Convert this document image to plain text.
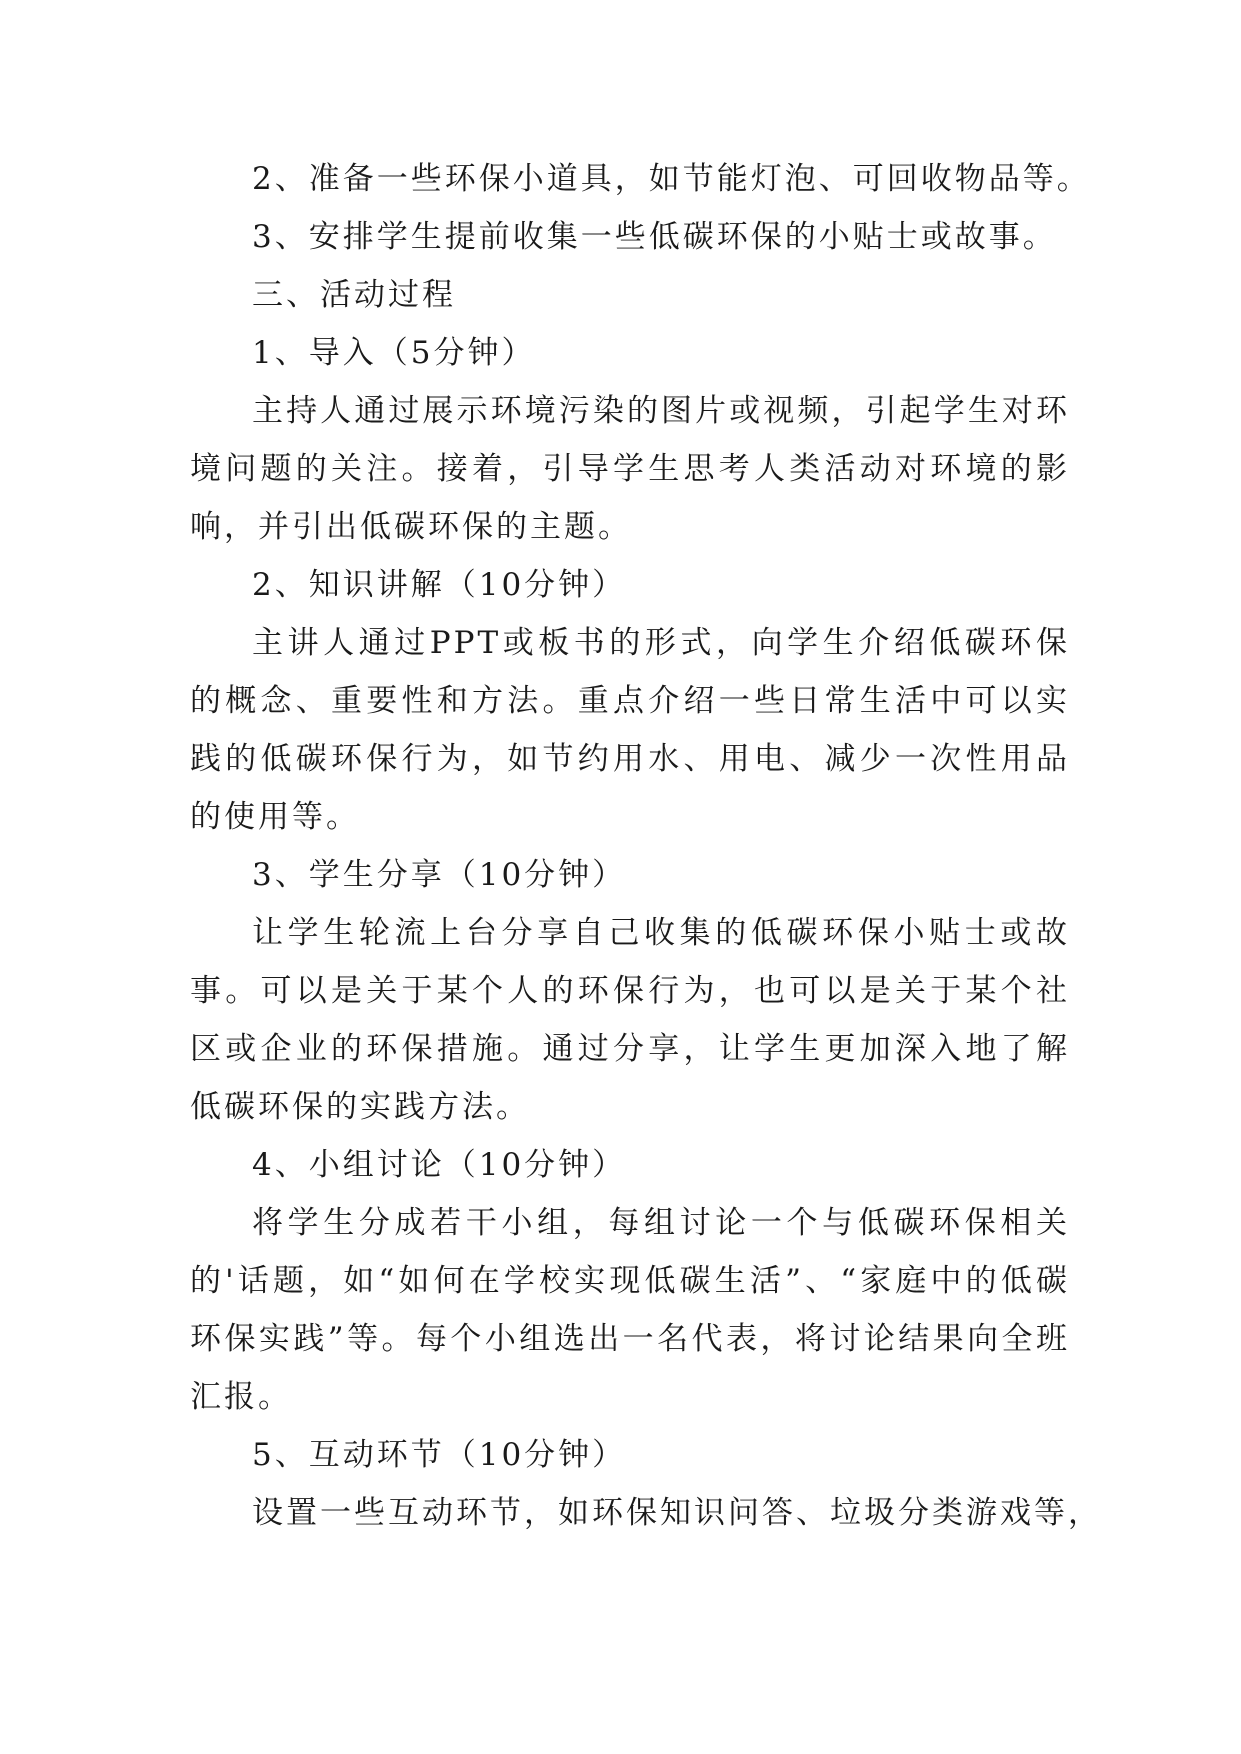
2、准备一些环保小道具，如节能灯泡、可回收物品等。

3、安排学生提前收集一些低碳环保的小贴士或故事。

三、活动过程

1、导入（5分钟）

主持人通过展示环境污染的图片或视频，引起学生对环境问题的关注。接着，引导学生思考人类活动对环境的影响，并引出低碳环保的主题。

2、知识讲解（10分钟）

主讲人通过PPT或板书的形式，向学生介绍低碳环保的概念、重要性和方法。重点介绍一些日常生活中可以实践的低碳环保行为，如节约用水、用电、减少一次性用品的使用等。

3、学生分享（10分钟）

让学生轮流上台分享自己收集的低碳环保小贴士或故事。可以是关于某个人的环保行为，也可以是关于某个社区或企业的环保措施。通过分享，让学生更加深入地了解低碳环保的实践方法。

4、小组讨论（10分钟）

将学生分成若干小组，每组讨论一个与低碳环保相关的'话题，如“如何在学校实现低碳生活”、“家庭中的低碳环保实践”等。每个小组选出一名代表，将讨论结果向全班汇报。

5、互动环节（10分钟）

设置一些互动环节，如环保知识问答、垃圾分类游戏等，
